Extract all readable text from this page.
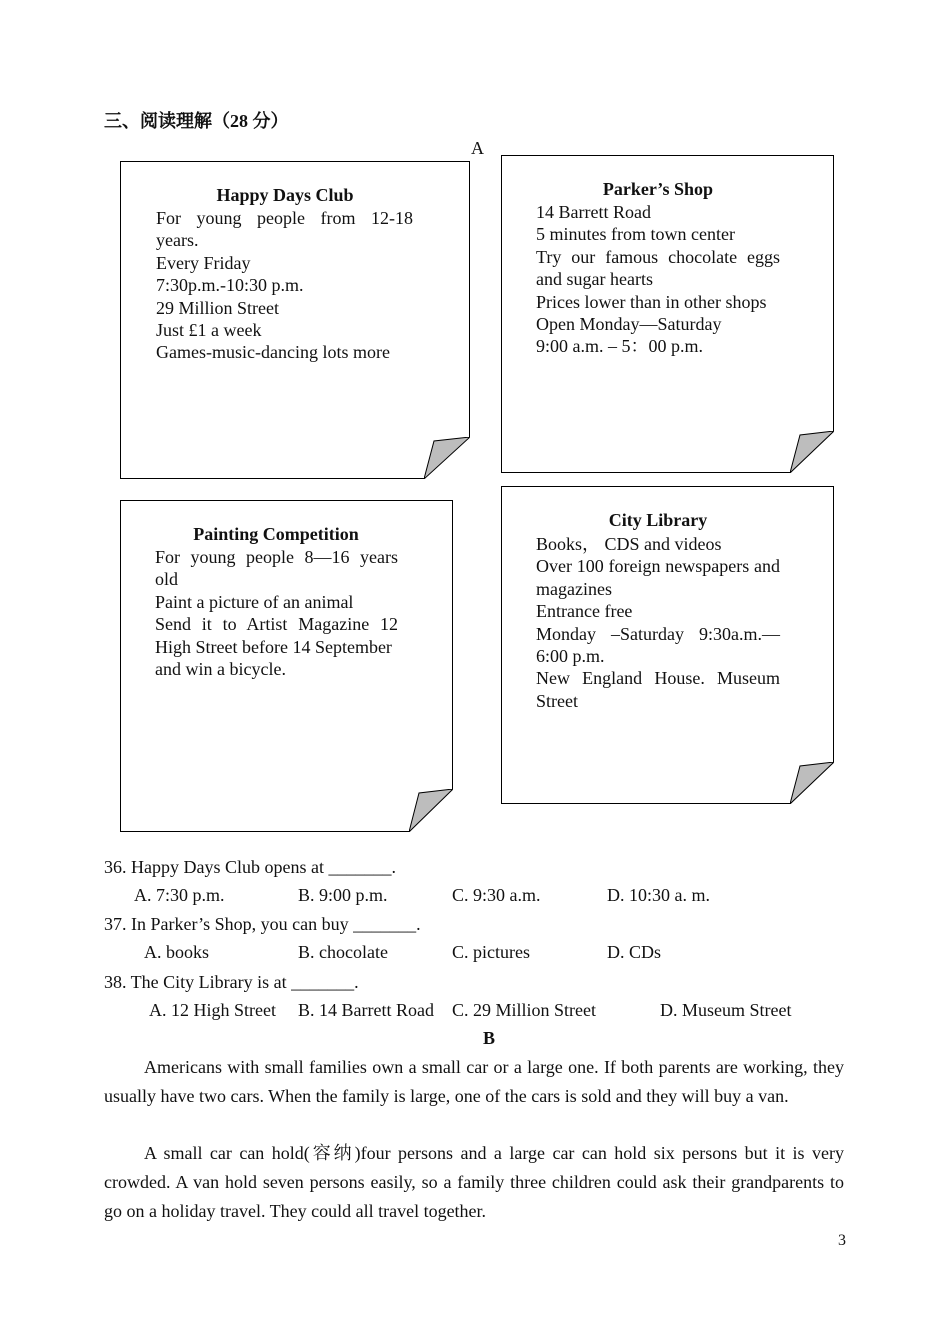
三、阅读理解（28 分）
A
Happy Days Club
For young people from 12-18 years.
Every Friday
7:30p.m.-10:30 p.m.
29 Million Street
Just £1 a week
Games-music-dancing lots more
Parker’s Shop
14 Barrett Road
5 minutes from town center
Try our famous chocolate eggs and sugar hearts
Prices lower than in other shops
Open Monday—Saturday
9:00 a.m. – 5：00 p.m.
Painting Competition
For young people 8—16 years old
Paint a picture of an animal
Send it to Artist Magazine 12 High Street before 14 September
and win a bicycle.
City Library
Books， CDS and videos
Over 100 foreign newspapers and magazines
Entrance free
Monday –Saturday 9:30a.m.—6:00 p.m.
New England House. Museum Street
36. Happy Days Club opens at _______.
A. 7:30 p.m.	B. 9:00 p.m.	C. 9:30 a.m.	D. 10:30 a. m.
37. In Parker’s Shop, you can buy _______.
A. books	B. chocolate	C. pictures	D. CDs
38. The City Library is at _______.
A. 12 High Street B. 14 Barrett Road C. 29 Million Street	D. Museum Street
B
Americans with small families own a small car or a large one. If both parents are working, they usually have two cars. When the family is large, one of the cars is sold and they will buy a van.
A small car can hold(容纳)four persons and a large car can hold six persons but it is very crowded. A van hold seven persons easily, so a family three children could ask their grandparents to go on a holiday travel. They could all travel together.
3
